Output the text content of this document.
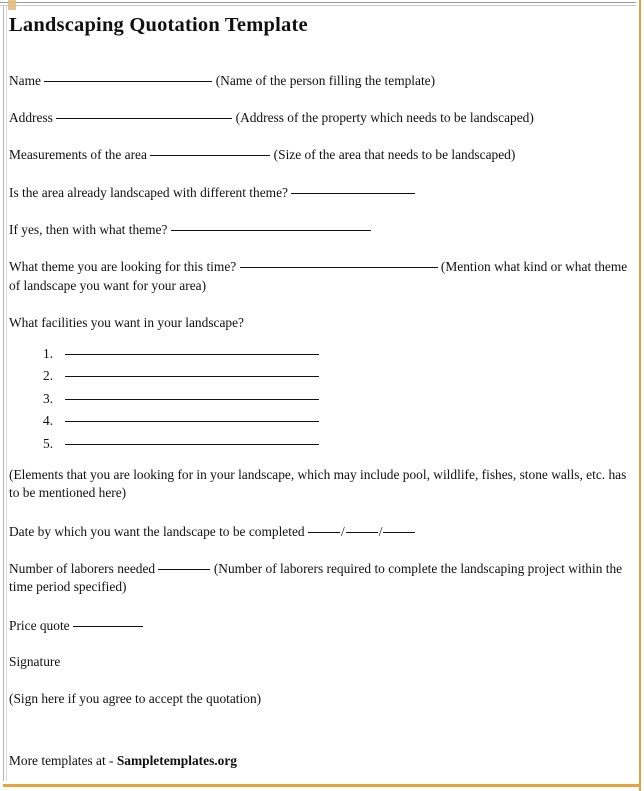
Landscaping Quotation Template

Name	(Name of the person filling the template)

Address	(Address of the property which needs to be landscaped)

Measurements of the area	(Size of the area that needs to be landscaped)

Is the area already landscaped with different theme?

If yes, then with what theme?

What theme you are looking for this time?	(Mention what kind or what theme of landscape you want for your area)

What facilities you want in your landscape?

1.
2.
3.
4.
5.

(Elements that you are looking for in your landscape, which may include pool, wildlife, fishes, stone walls, etc. has to be mentioned here)

Date by which you want the landscape to be completed	/	/

Number of laborers needed	(Number of laborers required to complete the landscaping project within the time period specified)

Price quote

Signature

(Sign here if you agree to accept the quotation)

More templates at - Sampletemplates.org
